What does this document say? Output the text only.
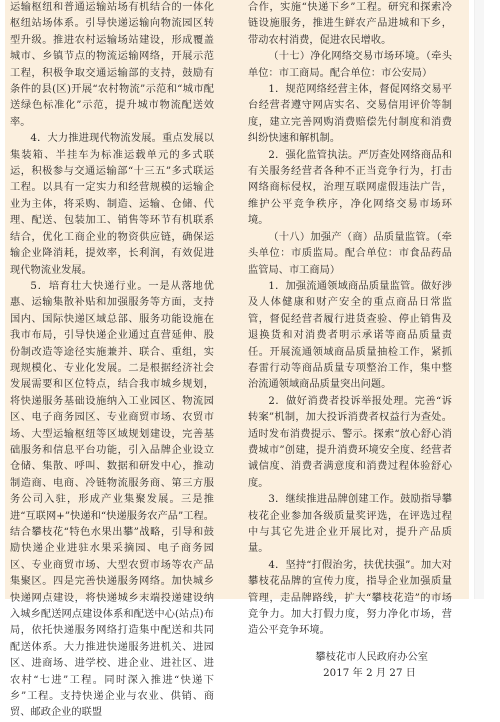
运输枢纽和普通运输站场有机结合的一体化枢纽站场体系。引导快递运输向物流园区转型升级。推进农村运输场站建设，形成覆盖城市、乡镇节点的物流运输网络，开展示范工程，积极争取交通运输部的支持，鼓励有条件的县(区)开展“农村物流”示范和“城市配送绿色标准化”示范，提升城市物流配送效率。

4．大力推进现代物流发展。重点发展以集装箱、半挂车为标准运载单元的多式联运，积极参与交通运输部“十三五”多式联运工程。以具有一定实力和经营规模的运输企业为主体，将采购、制造、运输、仓储、代理、配送、包装加工、销售等环节有机联系结合，优化工商企业的物资供应链，确保运输企业降消耗，提效率，长利润，有效促进现代物流业发展。

5．培育壮大快递行业。一是从落地优惠、运输集散补贴和加强服务等方面，支持国内、国际快递区域总部、服务功能设施在我市布局，引导快递企业通过直营延伸、股份制改造等途径实施兼并、联合、重组，实现规模化、专业化发展。二是根据经济社会发展需要和区位特点，结合我市城乡规划，将快递服务基础设施纳入工业园区、物流园区、电子商务园区、专业商贸市场、农贸市场、大型运输枢纽等区域规划建设，完善基础服务和信息平台功能，引入品牌企业设立仓储、集散、呼叫、数据和研发中心，推动制造商、电商、冷链物流服务商、第三方服务公司入驻，形成产业集聚发展。三是推进“互联网+”快递和“快递服务农产品”工程。结合攀枝花“特色水果出攀”战略，引导和鼓励快递企业进驻水果采摘园、电子商务园区、专业商贸市场、大型农贸市场等农产品集聚区。四是完善快递服务网络。加快城乡快递网点建设，将快递城乡末端投递建设纳入城乡配送网点建设体系和配送中心(站点)布局，依托快递服务网络打造集中配送和共同配送体系。大力推进快递服务进机关、进园区、进商场、进学校、进企业、进社区、进农村“七进”工程。同时深入推进“快递下乡”工程。支持快递企业与农业、供销、商贸、邮政企业的联盟

合作，实施“快递下乡”工程。研究和探索冷链设施服务，推进生鲜农产品进城和下乡，带动农村消费，促进农民增收。

（十七）净化网络交易市场环境。（牵头单位：市工商局。配合单位：市公安局）

1．规范网络经营主体，督促网络交易平台经营者遵守网店实名、交易信用评价等制度，建立完善网购消费赔偿先付制度和消费纠纷快速和解机制。

2．强化监管执法。严厉查处网络商品和有关服务经营者各种不正当竞争行为，打击网络商标侵权，治理互联网虚假违法广告，维护公平竞争秩序，净化网络交易市场环境。

（十八）加强产（商）品质量监管。（牵头单位：市质监局。配合单位：市食品药品监管局、市工商局）

1．加强流通领域商品质量监管。做好涉及人体健康和财产安全的重点商品日常监管，督促经营者履行进货查验、停止销售及退换货和对消费者明示承诺等商品质量责任。开展流通领域商品质量抽检工作，紧抓春雷行动等商品质量专项整治工作，集中整治流通领域商品质量突出问题。

2．做好消费者投诉举报处理。完善“诉转案”机制，加大投诉消费者权益行为查处。适时发布消费提示、警示。探索“放心舒心消费城市”创建，提升消费环境安全度、经营者诚信度、消费者满意度和消费过程体验舒心度。

3．继续推进品牌创建工作。鼓励指导攀枝花企业参加各级质量奖评选，在评选过程中与其它先进企业开展比对，提升产品质量。

4．坚持“打假治劣，扶优扶强”。加大对攀枝花品牌的宣传力度，指导企业加强质量管理，走品牌路线，扩大“攀枝花造”的市场竞争力。加大打假力度，努力净化市场，营造公平竞争环境。

攀枝花市人民政府办公室

2017 年 2 月 27 日
